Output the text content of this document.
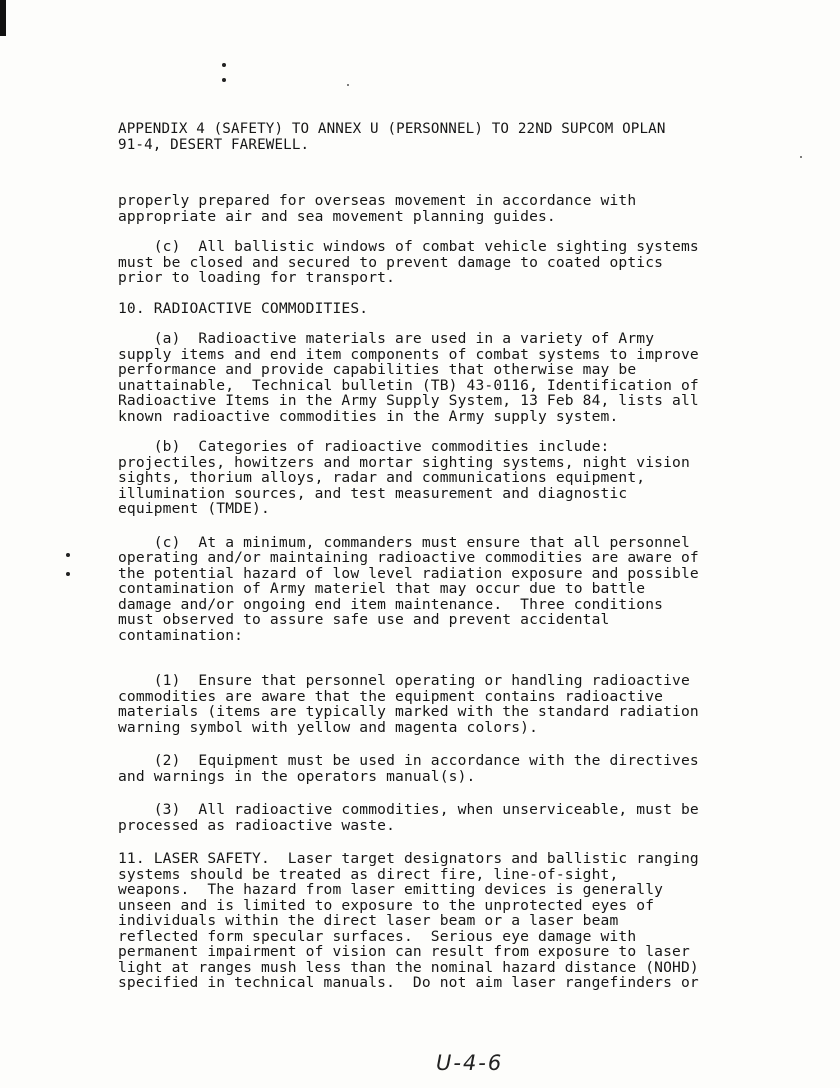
APPENDIX 4 (SAFETY) TO ANNEX U (PERSONNEL) TO 22ND SUPCOM OPLAN
91-4, DESERT FAREWELL.
properly prepared for overseas movement in accordance with
appropriate air and sea movement planning guides.
(c)  All ballistic windows of combat vehicle sighting systems
must be closed and secured to prevent damage to coated optics
prior to loading for transport.
10. RADIOACTIVE COMMODITIES.
(a)  Radioactive materials are used in a variety of Army
supply items and end item components of combat systems to improve
performance and provide capabilities that otherwise may be
unattainable,  Technical bulletin (TB) 43-0116, Identification of
Radioactive Items in the Army Supply System, 13 Feb 84, lists all
known radioactive commodities in the Army supply system.
(b)  Categories of radioactive commodities include:
projectiles, howitzers and mortar sighting systems, night vision
sights, thorium alloys, radar and communications equipment,
illumination sources, and test measurement and diagnostic
equipment (TMDE).
(c)  At a minimum, commanders must ensure that all personnel
operating and/or maintaining radioactive commodities are aware of
the potential hazard of low level radiation exposure and possible
contamination of Army materiel that may occur due to battle
damage and/or ongoing end item maintenance.  Three conditions
must observed to assure safe use and prevent accidental
contamination:
(1)  Ensure that personnel operating or handling radioactive
commodities are aware that the equipment contains radioactive
materials (items are typically marked with the standard radiation
warning symbol with yellow and magenta colors).
(2)  Equipment must be used in accordance with the directives
and warnings in the operators manual(s).
(3)  All radioactive commodities, when unserviceable, must be
processed as radioactive waste.
11. LASER SAFETY.  Laser target designators and ballistic ranging
systems should be treated as direct fire, line-of-sight,
weapons.  The hazard from laser emitting devices is generally
unseen and is limited to exposure to the unprotected eyes of
individuals within the direct laser beam or a laser beam
reflected form specular surfaces.  Serious eye damage with
permanent impairment of vision can result from exposure to laser
light at ranges mush less than the nominal hazard distance (NOHD)
specified in technical manuals.  Do not aim laser rangefinders or
U-4-6
